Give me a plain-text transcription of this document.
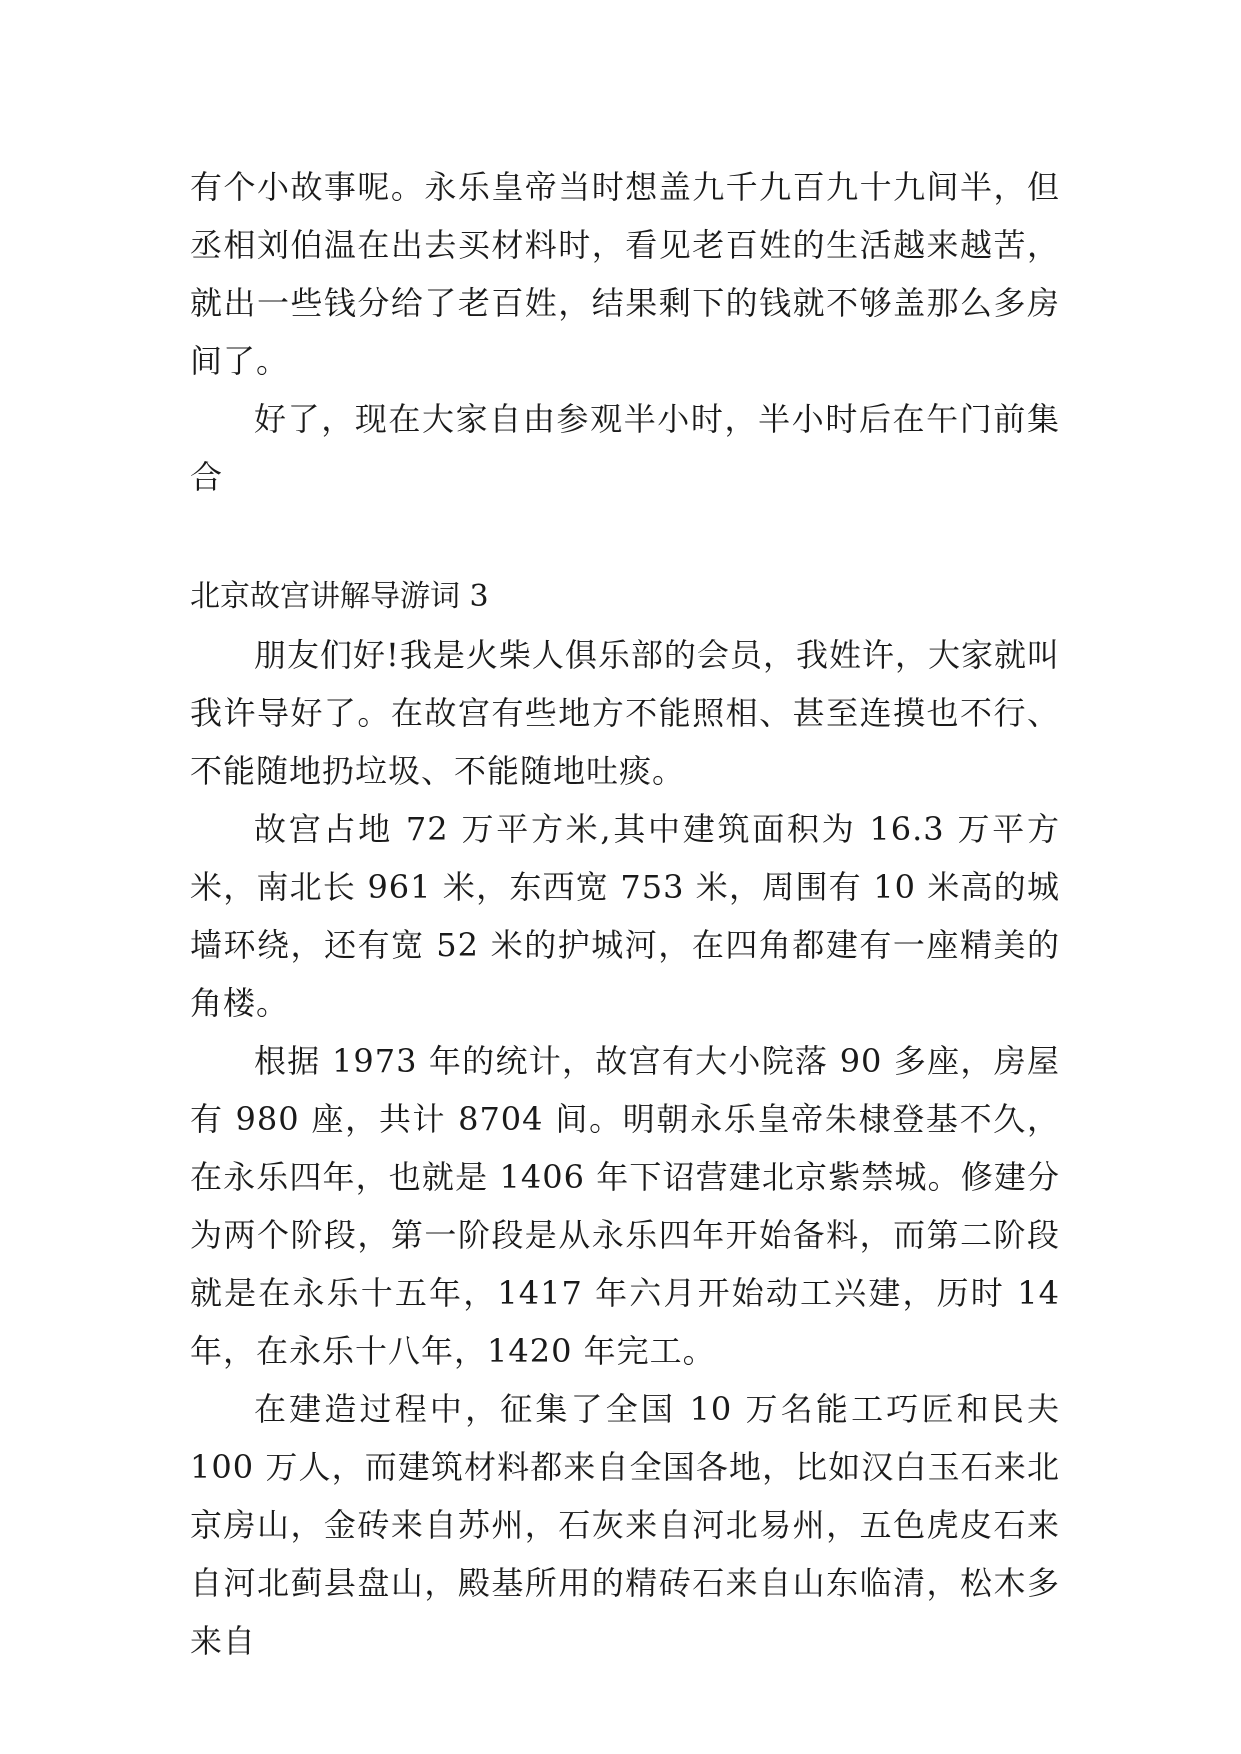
有个小故事呢。永乐皇帝当时想盖九千九百九十九间半，但丞相刘伯温在出去买材料时，看见老百姓的生活越来越苦，就出一些钱分给了老百姓，结果剩下的钱就不够盖那么多房间了。

好了，现在大家自由参观半小时，半小时后在午门前集合

北京故宫讲解导游词 3

朋友们好!我是火柴人俱乐部的会员，我姓许，大家就叫我许导好了。在故宫有些地方不能照相、甚至连摸也不行、不能随地扔垃圾、不能随地吐痰。

故宫占地 72 万平方米,其中建筑面积为 16.3 万平方米，南北长 961 米，东西宽 753 米，周围有 10 米高的城墙环绕，还有宽 52 米的护城河，在四角都建有一座精美的角楼。

根据 1973 年的统计，故宫有大小院落 90 多座，房屋有 980 座，共计 8704 间。明朝永乐皇帝朱棣登基不久，在永乐四年，也就是 1406 年下诏营建北京紫禁城。修建分为两个阶段，第一阶段是从永乐四年开始备料，而第二阶段就是在永乐十五年，1417 年六月开始动工兴建，历时 14 年，在永乐十八年，1420 年完工。

在建造过程中，征集了全国 10 万名能工巧匠和民夫 100 万人，而建筑材料都来自全国各地，比如汉白玉石来北京房山，金砖来自苏州，石灰来自河北易州，五色虎皮石来自河北蓟县盘山，殿基所用的精砖石来自山东临清，松木多来自
